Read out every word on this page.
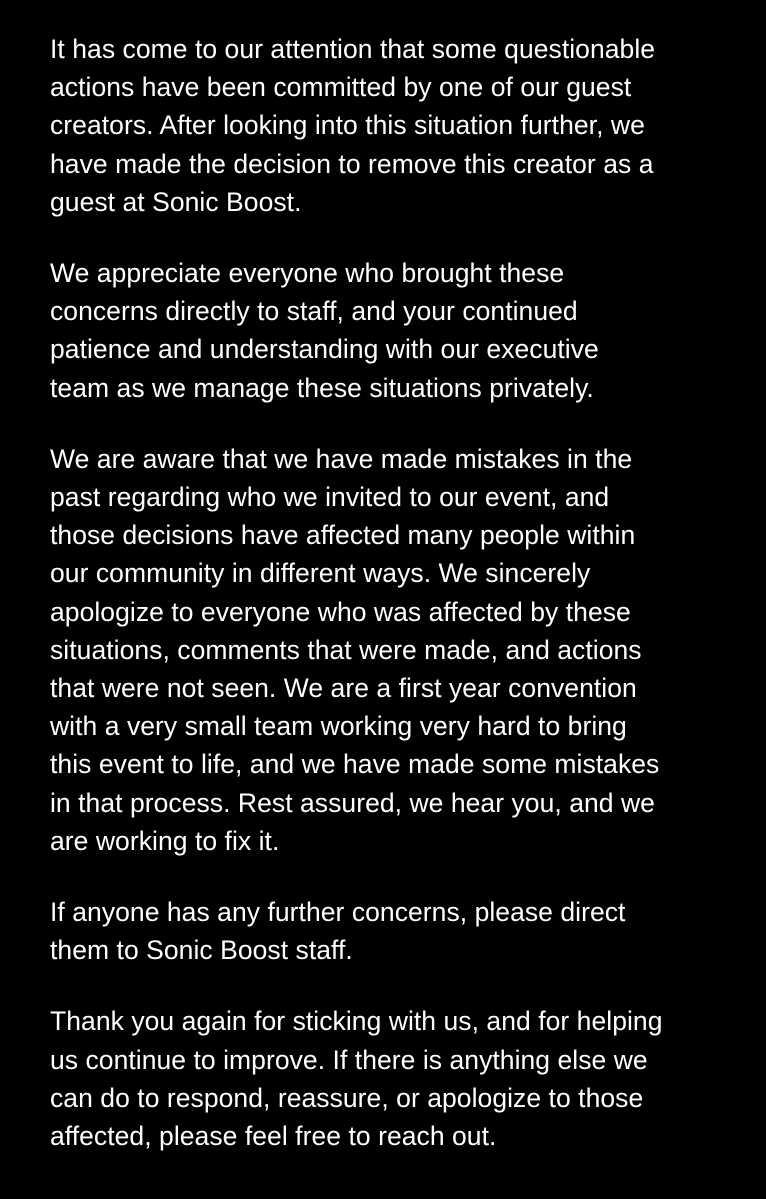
It has come to our attention that some questionable
actions have been committed by one of our guest
creators. After looking into this situation further, we
have made the decision to remove this creator as a
guest at Sonic Boost.

We appreciate everyone who brought these
concerns directly to staff, and your continued
patience and understanding with our executive
team as we manage these situations privately.

We are aware that we have made mistakes in the
past regarding who we invited to our event, and
those decisions have affected many people within
our community in different ways. We sincerely
apologize to everyone who was affected by these
situations, comments that were made, and actions
that were not seen. We are a first year convention
with a very small team working very hard to bring
this event to life, and we have made some mistakes
in that process. Rest assured, we hear you, and we
are working to fix it.

If anyone has any further concerns, please direct
them to Sonic Boost staff.

Thank you again for sticking with us, and for helping
us continue to improve. If there is anything else we
can do to respond, reassure, or apologize to those
affected, please feel free to reach out.
